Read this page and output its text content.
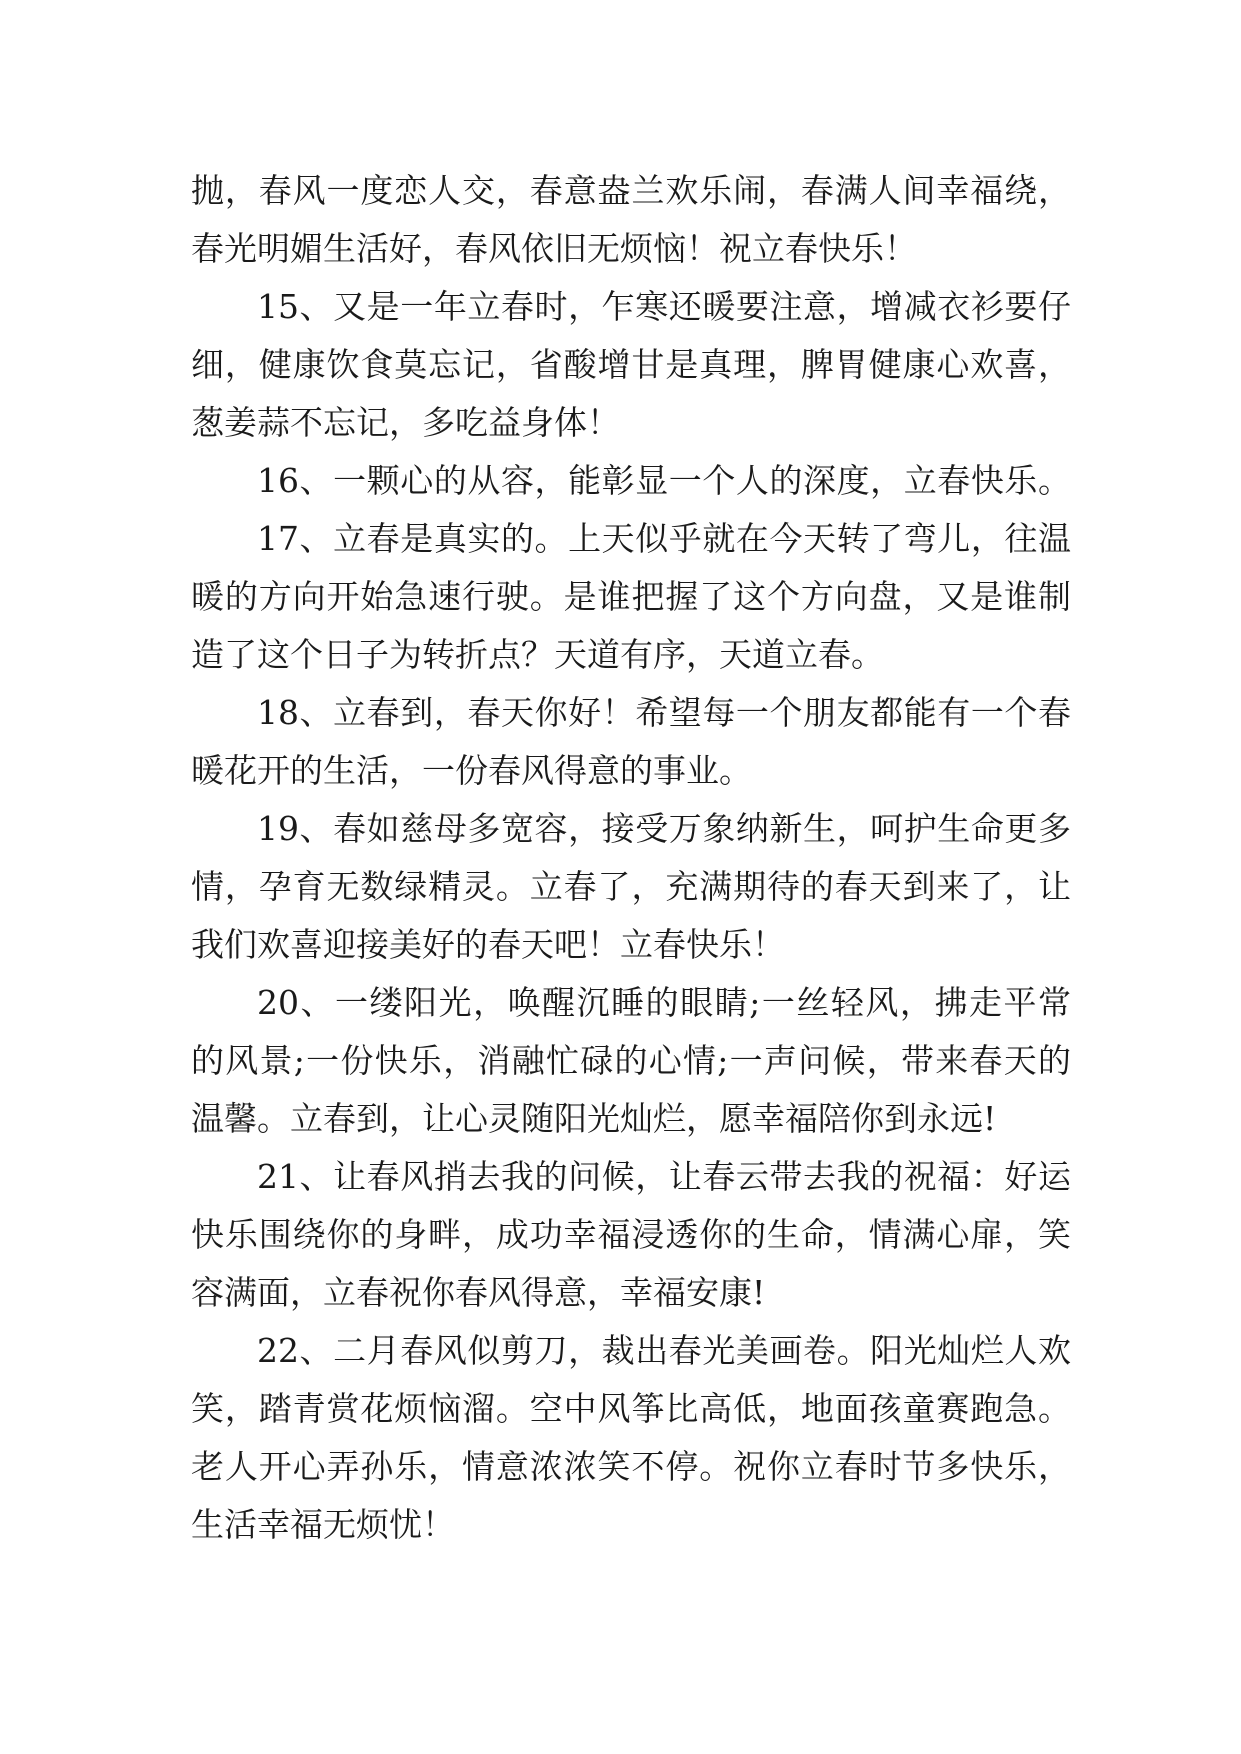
抛，春风一度恋人交，春意盎兰欢乐闹，春满人间幸福绕，
春光明媚生活好，春风依旧无烦恼！祝立春快乐！
15、又是一年立春时，乍寒还暖要注意，增减衣衫要仔
细，健康饮食莫忘记，省酸增甘是真理，脾胃健康心欢喜，
葱姜蒜不忘记，多吃益身体！
16、一颗心的从容，能彰显一个人的深度，立春快乐。
17、立春是真实的。上天似乎就在今天转了弯儿，往温
暖的方向开始急速行驶。是谁把握了这个方向盘，又是谁制
造了这个日子为转折点？天道有序，天道立春。
18、立春到，春天你好！希望每一个朋友都能有一个春
暖花开的生活，一份春风得意的事业。
19、春如慈母多宽容，接受万象纳新生，呵护生命更多
情，孕育无数绿精灵。立春了，充满期待的春天到来了，让
我们欢喜迎接美好的春天吧！立春快乐！
20、一缕阳光，唤醒沉睡的眼睛;一丝轻风，拂走平常
的风景;一份快乐，消融忙碌的心情;一声问候，带来春天的
温馨。立春到，让心灵随阳光灿烂，愿幸福陪你到永远!
21、让春风捎去我的问候，让春云带去我的祝福：好运
快乐围绕你的身畔，成功幸福浸透你的生命，情满心扉，笑
容满面，立春祝你春风得意，幸福安康!
22、二月春风似剪刀，裁出春光美画卷。阳光灿烂人欢
笑，踏青赏花烦恼溜。空中风筝比高低，地面孩童赛跑急。
老人开心弄孙乐，情意浓浓笑不停。祝你立春时节多快乐，
生活幸福无烦忧！
